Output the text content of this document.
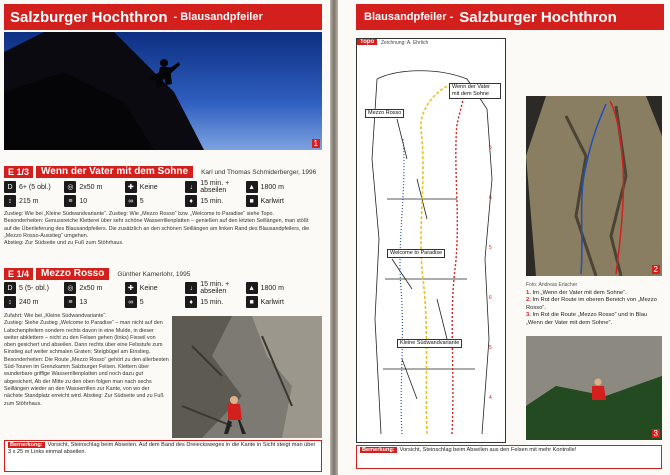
Salzburger Hochthron - Blausandpfeiler
1
E 1/3	Wenn der Vater mit dem Sohne	Karl und Thomas Schmiderberger, 1996
D 6+ (5 obl.)	◎ 2x50 m	✚ Keine	↓	15 min. + abseilen	▲ 1800 m
↕	215 m	≡ 10	∞ 5	♦	15 min.	■ Karlwirt
Zustieg: Wie bei „Kleine Südwandvariante“. Zustieg: Wie „Mezzo Rosso“ bzw. „Welcome to Paradise“ siehe Topo.
Besonderheiten: Genussreiche Kletterei über sehr schöne Wasserrillenplatten – genießen auf den letzten Seillängen, man stößt auf die Überlieferung des Blausandpfeilers. Die zusätzlich an den schönen Seillängen am linken Rand des Blausandpfeilers, die „Mezzo Rosso-Ausstieg“ umgehen.
Abstieg: Zur Südseite und zu Fuß zum Stöhrhaus.
E 1/4	Mezzo Rosso	Günther Kamerlohr, 1995
D 5 (5- obl.)	◎ 2x50 m	✚ Keine	↓	15 min. + abseilen	▲ 1800 m
↕	240 m	≡ 13	∞ 5	♦	15 min.	■ Karlwirt
Zufahrt: Wie bei „Kleine Südwandvariante“.
Zustieg: Siehe Zustieg „Welcome to Paradise“ – man nicht auf den Latschenpfeilern sondern rechts davon in eine Mulde, in dieser weiter abklettern – nicht zu den Felsen gehen (links) Fixseil von oben gesichert und abseilen. Dann rechts über eine Felsstufe zum Einstieg auf weiter schmalen Graten; Steigbügel am Einstieg. Besonderheiten: Die Route „Mezzo Rosso“ gehört zu den allerbesten Süd-Touren im Grenzkamm Salzburger Felsen. Klettern über wunderbare griffige Wasserrillenplatten und noch dazu gut abgesichert, Ab der Mitte zu den oben folgen man nach sechs Seillängen wieder an den Wasserrillen zur Kante, von wo der nächste Standplatz erreicht wird. Abstieg: Zur Südseite und zu Fuß zum Stöhrhaus.
Bemerkung: Vorsicht, Steinschlag beim Abseilen. Auf dem Band des Dreiecksweges in die Kante in Sicht steigt man über 3 x 25 m Links einmal abseilen.
Blausandpfeiler - Salzburger Hochthron
Topo	Zeichnung: A. Ehrlich
5
6
5
6
5
4
Wenn der Vater mit dem Sohne
Mezzo Rosso
Welcome to Paradise
Kleine Südwandvariante
2
Foto: Andreas Erlacher
1. Im „Wenn der Vater mit dem Sohne“.
2. Im Rot der Route im oberen Bereich von „Mezzo Rosso“.
3. Im Rot die Route „Mezzo Rosso“ und in Blau „Wenn der Vater mit dem Sohne“.
3
Bemerkung: Vorsicht, Steinschlag beim Abseilen aus den Felsen mit mehr Kontrolle!
